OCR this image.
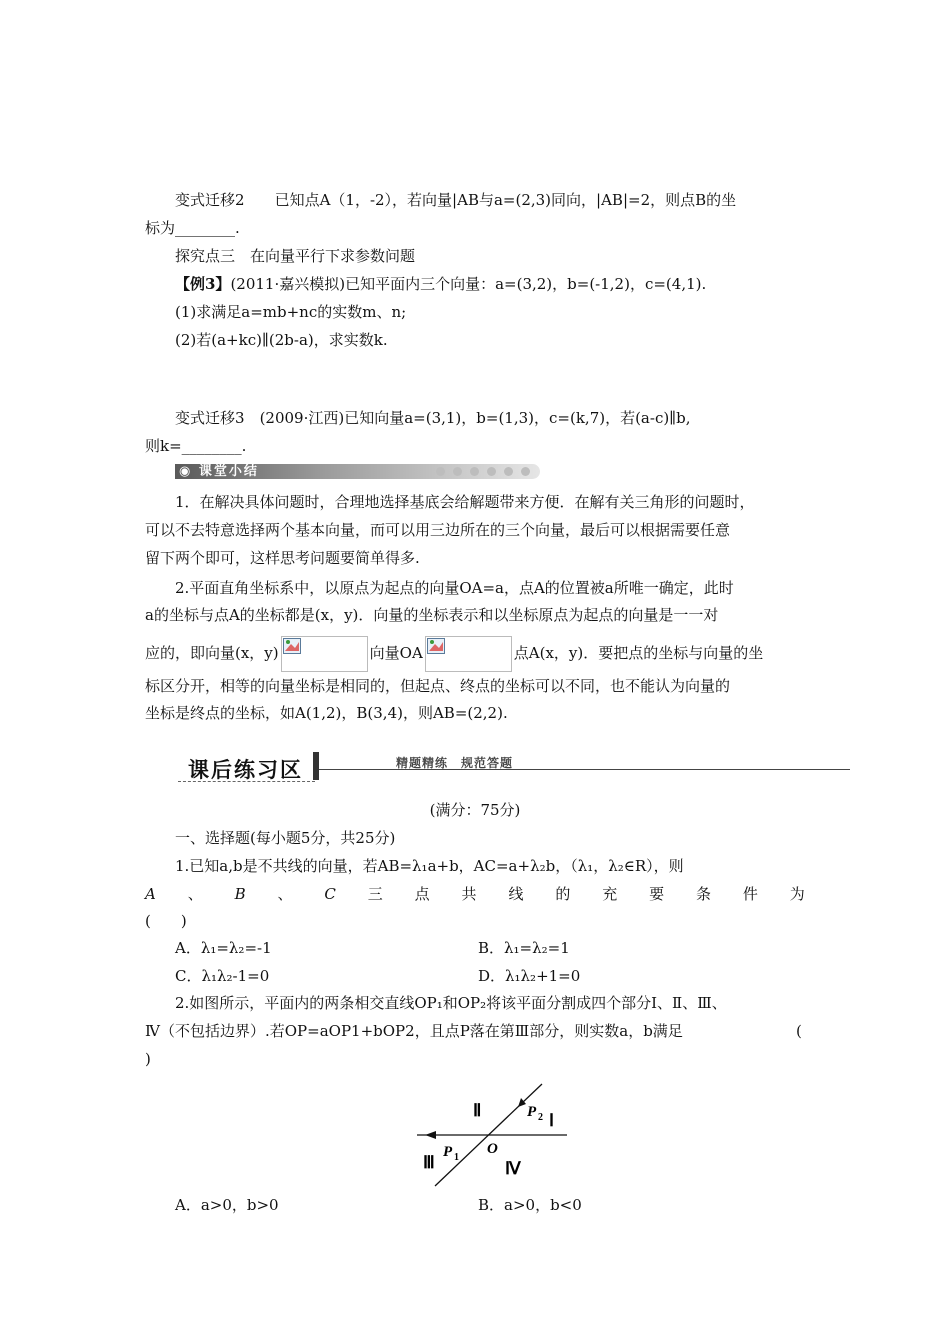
变式迁移2　　 已知点A（1，-2），若向量|AB与a=(2,3)同向，|AB|=2，则点B的坐
标为________.
探究点三　在向量平行下求参数问题
【例3】(2011·嘉兴模拟)已知平面内三个向量：a=(3,2)，b=(-1,2)，c=(4,1).
(1)求满足a=mb+nc的实数m、n;
(2)若(a+kc)∥(2b-a)，求实数k.
变式迁移3　 (2009·江西)已知向量a=(3,1)，b=(1,3)，c=(k,7)，若(a-c)∥b,
则k=________.
◉ 课堂小结
1．在解决具体问题时，合理地选择基底会给解题带来方便．在解有关三角形的问题时，
可以不去特意选择两个基本向量，而可以用三边所在的三个向量，最后可以根据需要任意
留下两个即可，这样思考问题要简单得多.
2.平面直角坐标系中，以原点为起点的向量OA=a，点A的位置被a所唯一确定，此时
a的坐标与点A的坐标都是(x，y)．向量的坐标表示和以坐标原点为起点的向量是一一对
应的，即向量(x，y)	向量OA	点A(x，y)．要把点的坐标与向量的坐
标区分开，相等的向量坐标是相同的，但起点、终点的坐标可以不同，也不能认为向量的
坐标是终点的坐标，如A(1,2)，B(3,4)，则AB=(2,2).
课后练习区	精题精练　规范答题
(满分：75分)
一、选择题(每小题5分，共25分)
1.已知a,b是不共线的向量，若AB=λ₁a+b，AC=a+λ₂b，（λ₁，λ₂∈R），则
A 、 B 、 C 三 点 共 线 的 充 要 条 件 为
(　　)
A．λ₁=λ₂=-1	B．λ₁=λ₂=1
C．λ₁λ₂-1=0	D．λ₁λ₂+1=0
2.如图所示，平面内的两条相交直线OP₁和OP₂将该平面分割成四个部分Ⅰ、Ⅱ、Ⅲ、
Ⅳ（不包括边界）.若OP=aOP1+bOP2，且点P落在第Ⅲ部分，则实数a，b满足	(
)
Ⅱ
Ⅰ
Ⅲ	Ⅳ
O
P 1
P 2
A．a>0，b>0	B．a>0，b<0
